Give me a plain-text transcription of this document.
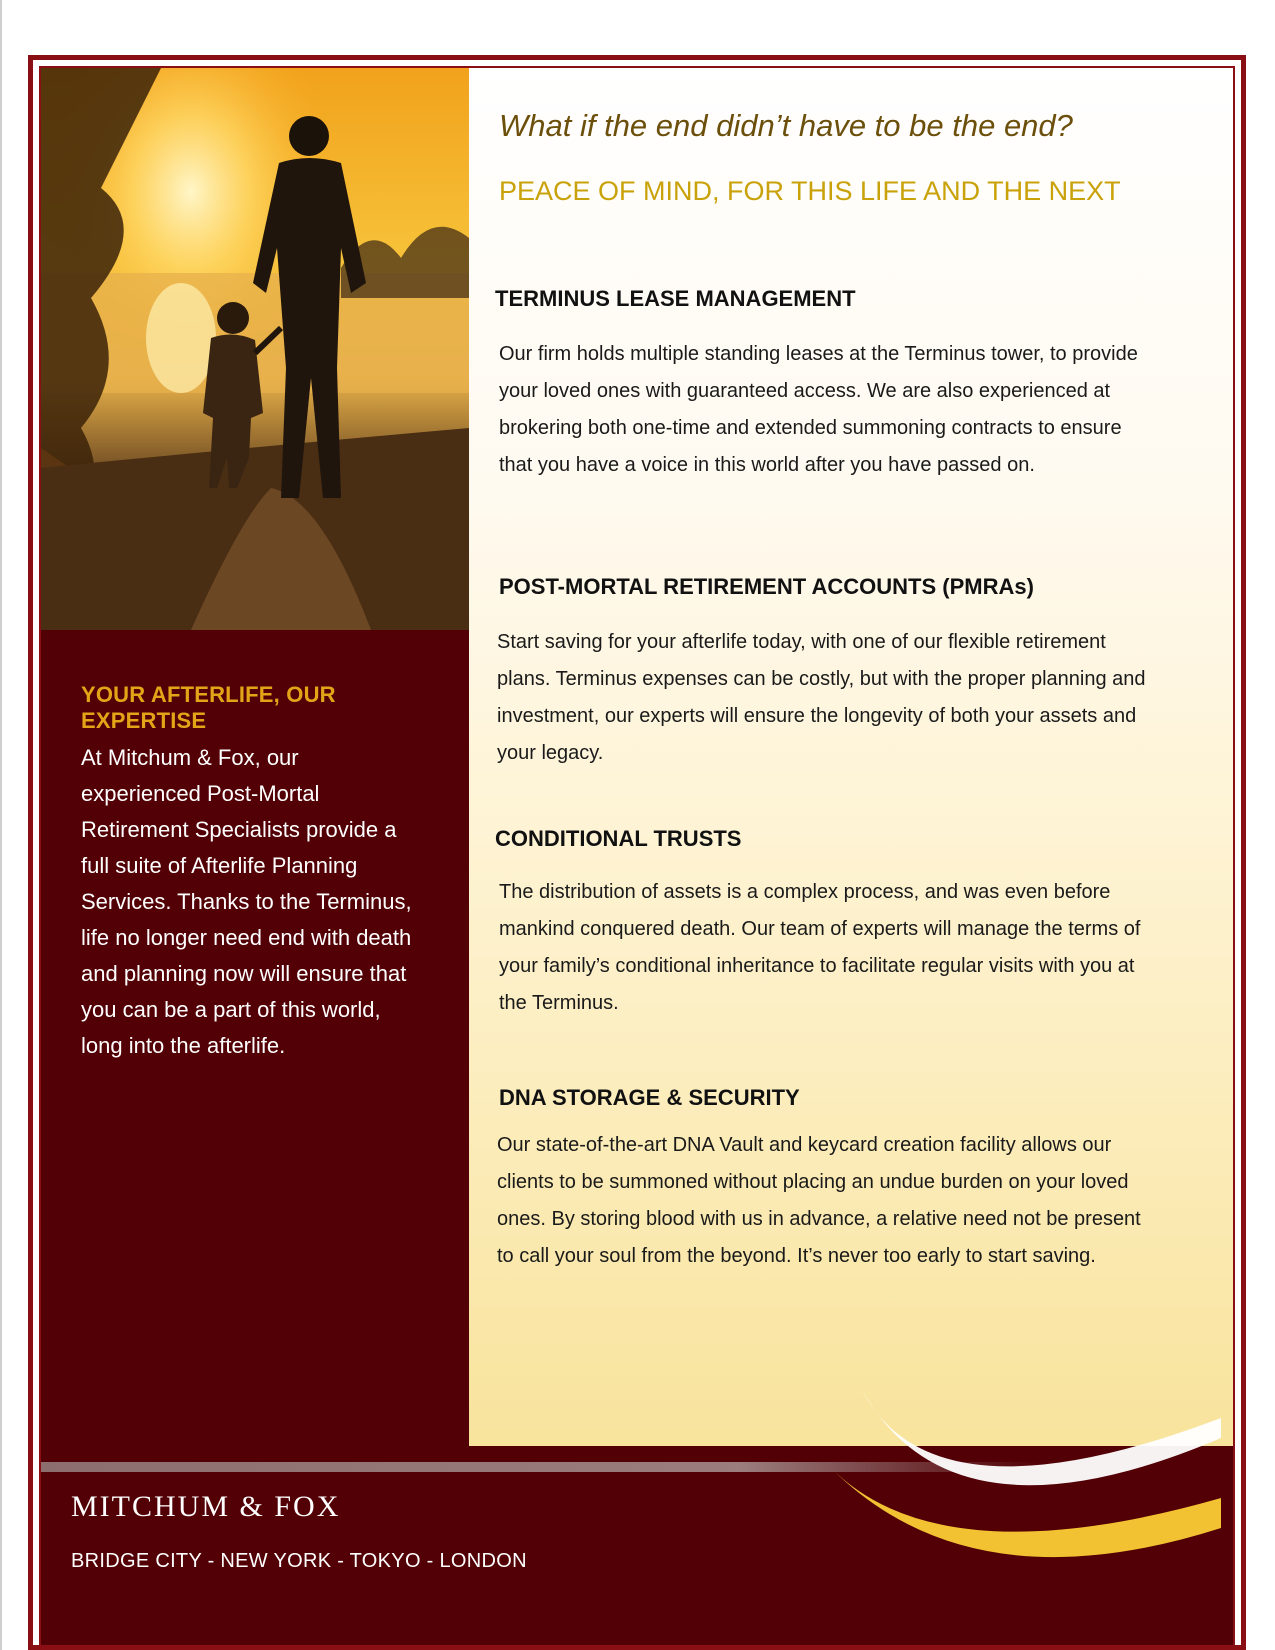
YOUR AFTERLIFE, OUR EXPERTISE
At Mitchum & Fox, our experienced Post-Mortal Retirement Specialists provide a full suite of Afterlife Planning Services. Thanks to the Terminus, life no longer need end with death and planning now will ensure that you can be a part of this world, long into the afterlife.
What if the end didn’t have to be the end?
PEACE OF MIND, FOR THIS LIFE AND THE NEXT
TERMINUS LEASE MANAGEMENT
Our firm holds multiple standing leases at the Terminus tower, to provide your loved ones with guaranteed access. We are also experienced at brokering both one-time and extended summoning contracts to ensure that you have a voice in this world after you have passed on.
POST-MORTAL RETIREMENT ACCOUNTS (PMRAs)
Start saving for your afterlife today, with one of our flexible retirement plans. Terminus expenses can be costly, but with the proper planning and investment, our experts will ensure the longevity of both your assets and your legacy.
CONDITIONAL TRUSTS
The distribution of assets is a complex process, and was even before mankind conquered death. Our team of experts will manage the terms of your family’s conditional inheritance to facilitate regular visits with you at the Terminus.
DNA STORAGE & SECURITY
Our state-of-the-art DNA Vault and keycard creation facility allows our clients to be summoned without placing an undue burden on your loved ones. By storing blood with us in advance, a relative need not be present to call your soul from the beyond. It’s never too early to start saving.
MITCHUM & FOX
BRIDGE CITY - NEW YORK - TOKYO - LONDON
